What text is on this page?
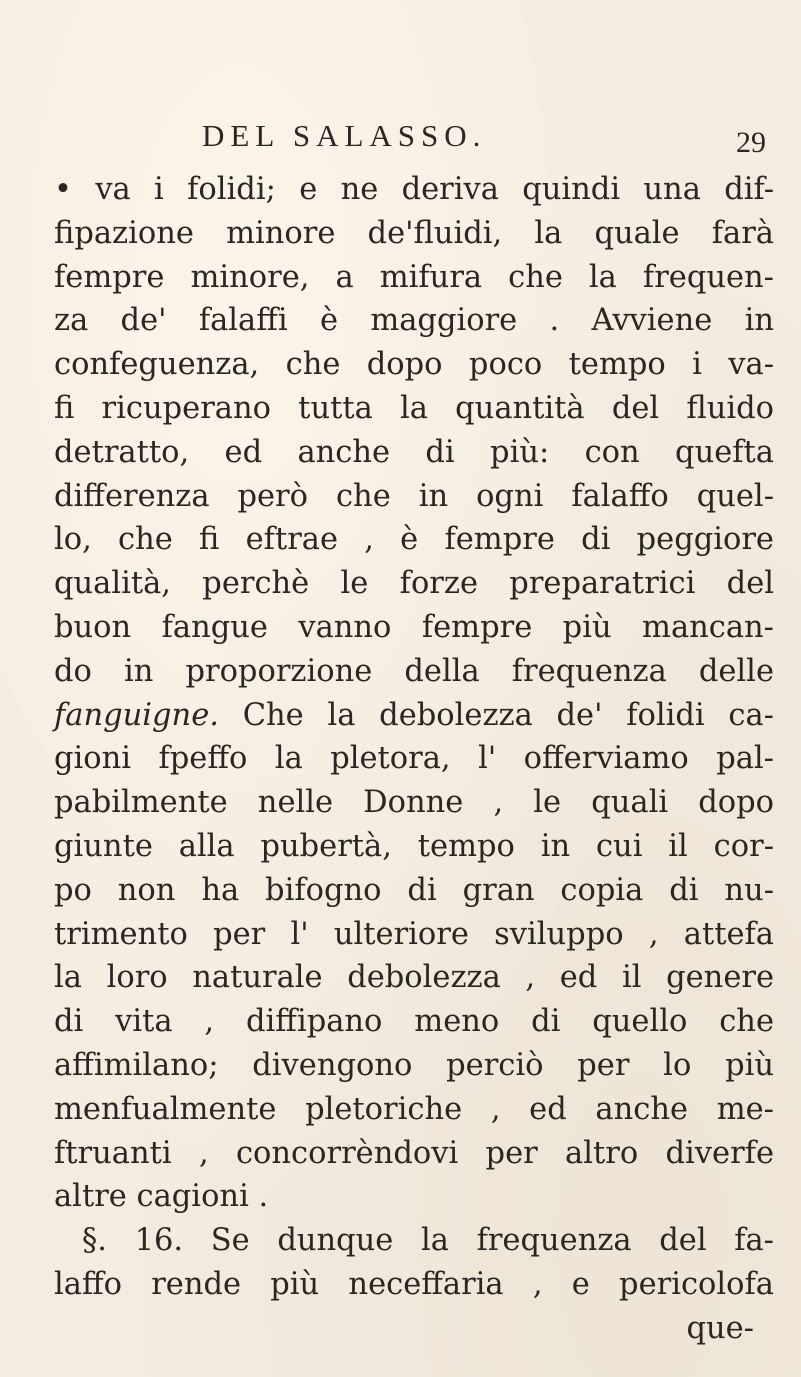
DEL SALASSO.	29
• va i folidi; e ne deriva quindi una dif-
fipazione minore de'fluidi, la quale farà
fempre minore, a mifura che la frequen-
za de' falaffi è maggiore . Avviene in
confeguenza, che dopo poco tempo i va-
fi ricuperano tutta la quantità del fluido
detratto, ed anche di più: con quefta
differenza però che in ogni falaffo quel-
lo, che fi eftrae , è fempre di peggiore
qualità, perchè le forze preparatrici del
buon fangue vanno fempre più mancan-
do in proporzione della frequenza delle
fanguigne. Che la debolezza de' folidi ca-
gioni fpeffo la pletora, l' offerviamo pal-
pabilmente nelle Donne , le quali dopo
giunte alla pubertà, tempo in cui il cor-
po non ha bifogno di gran copia di nu-
trimento per l' ulteriore sviluppo , attefa
la loro naturale debolezza , ed il genere
di vita , diffipano meno di quello che
affimilano; divengono perciò per lo più
menfualmente pletoriche , ed anche me-
ftruanti , concorrèndovi per altro diverfe
altre cagioni .
§. 16. Se dunque la frequenza del fa-
laffo rende più neceffaria , e pericolofa
que-
